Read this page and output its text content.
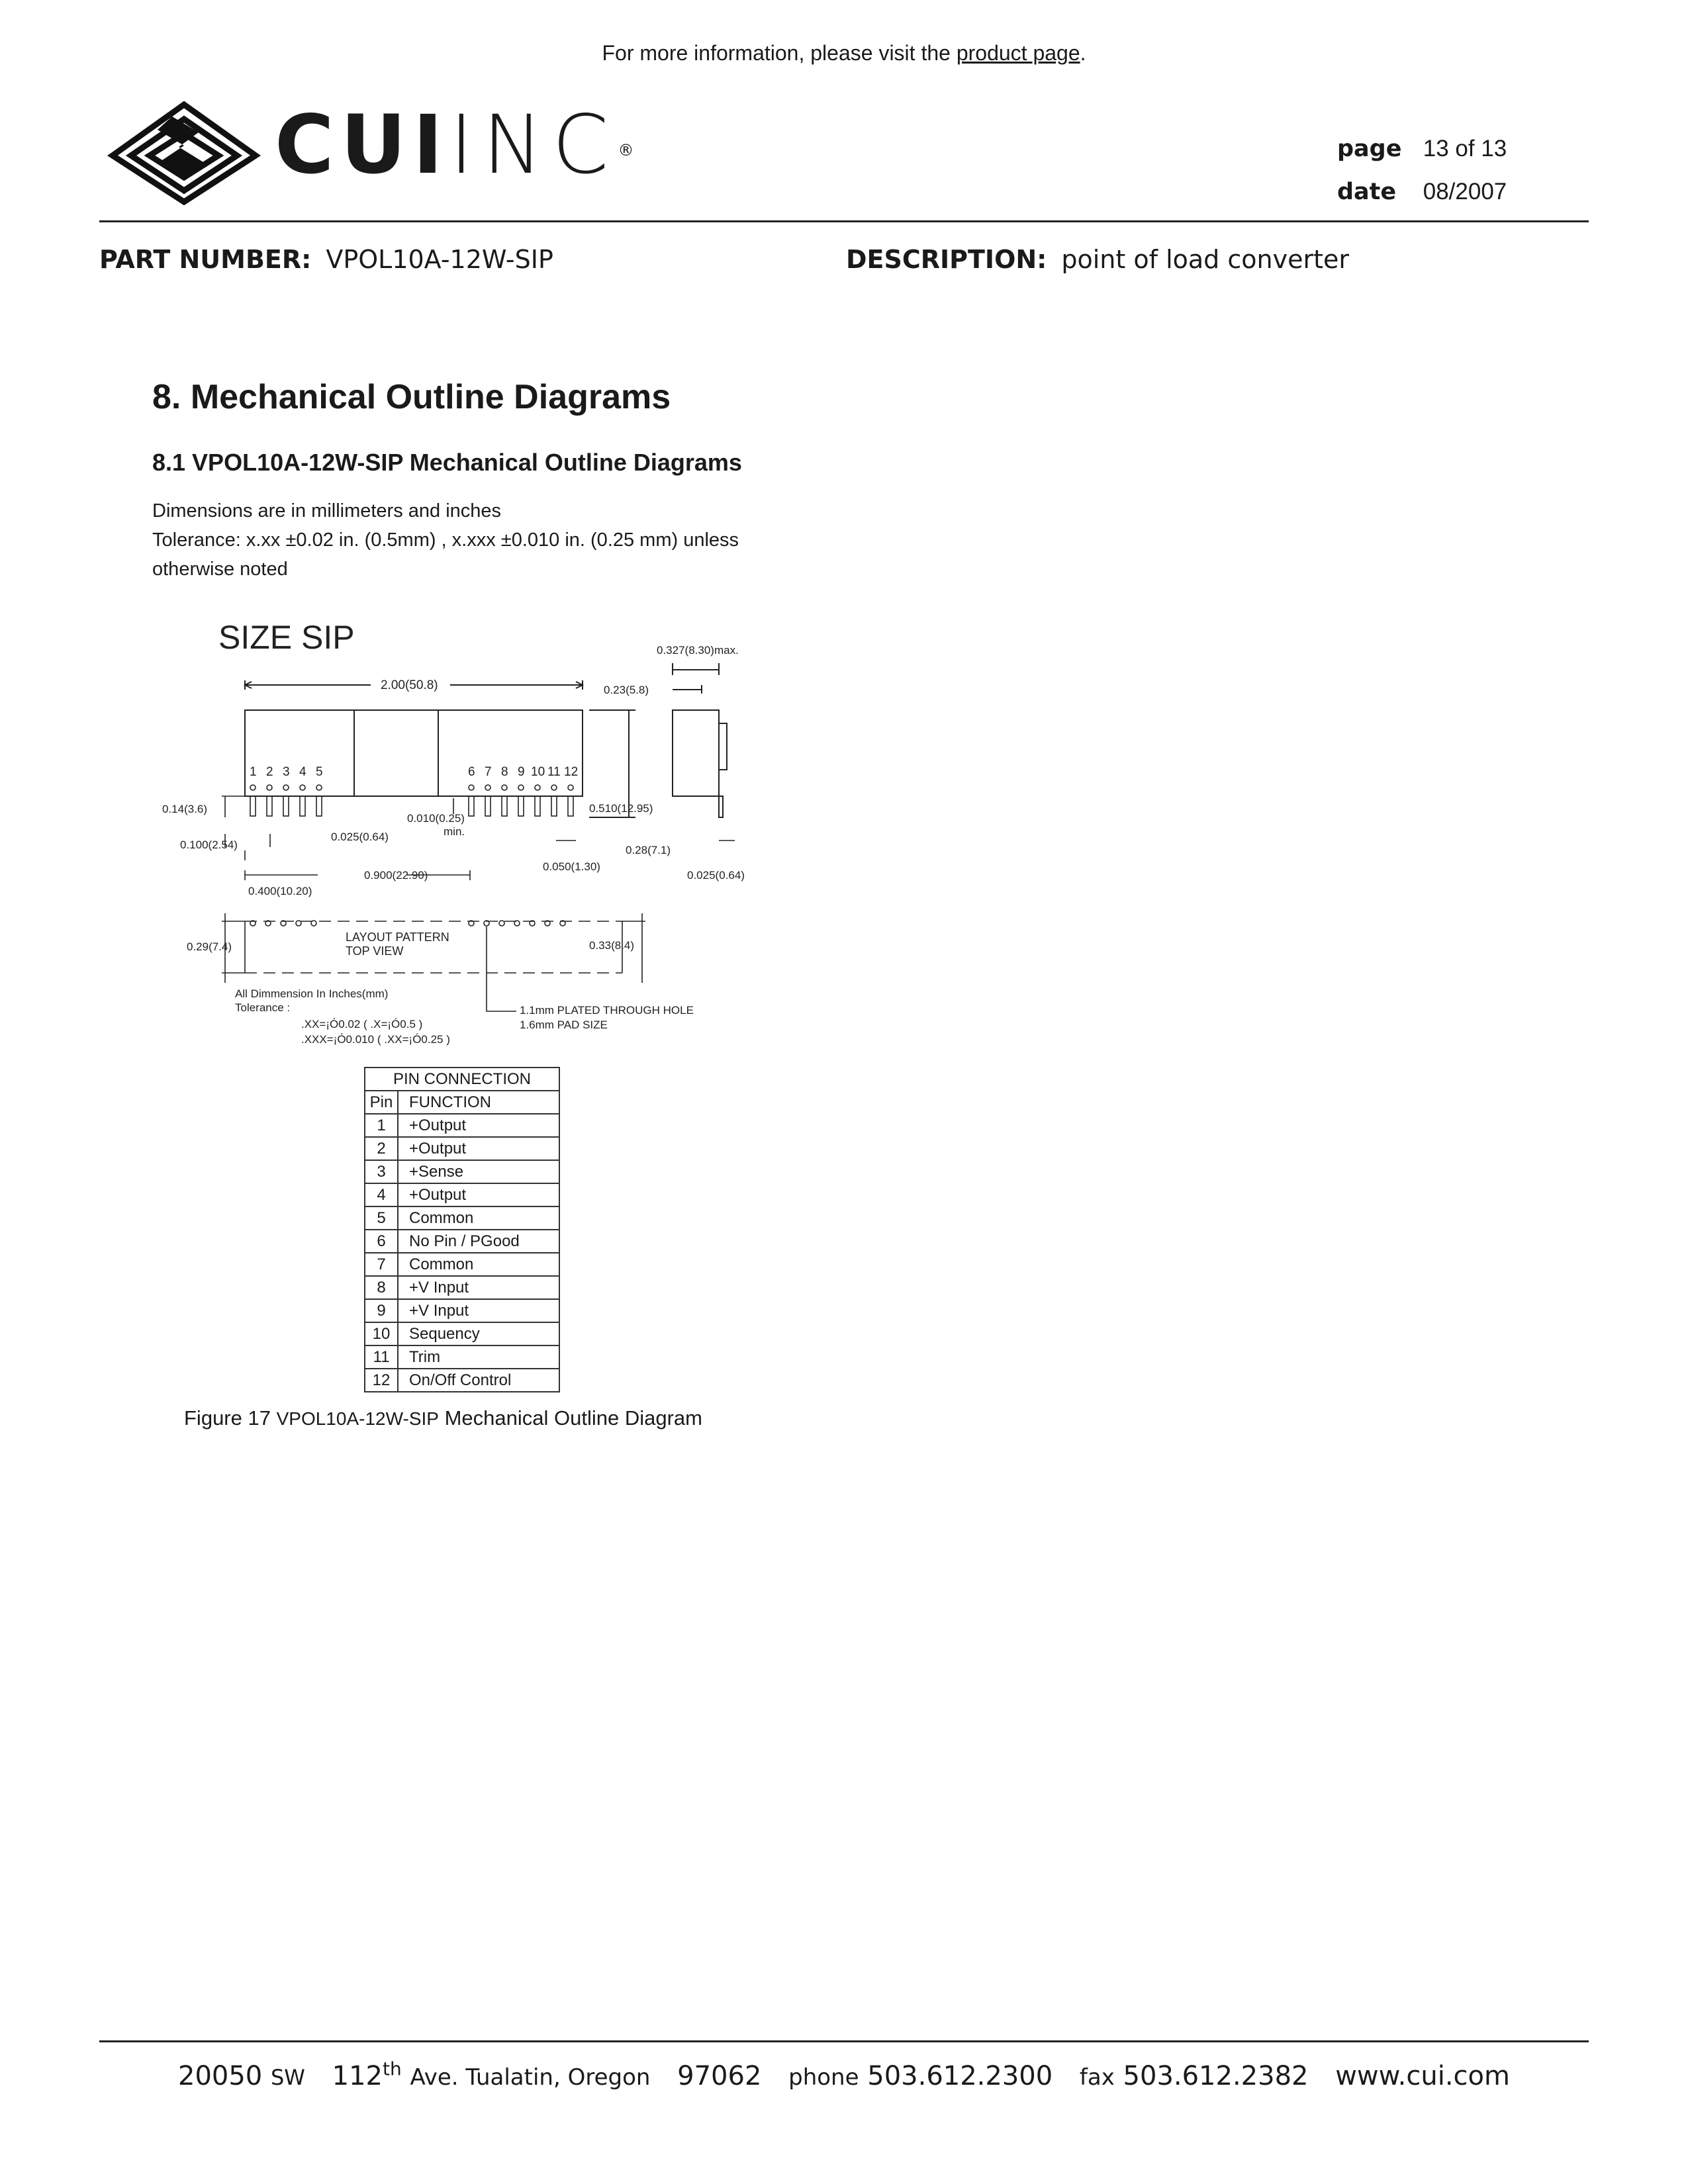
For more information, please visit the product page.
CUIINC®	page 13 of 13
date 08/2007
PART NUMBER: VPOL10A-12W-SIP	DESCRIPTION: point of load converter
8. Mechanical Outline Diagrams
8.1 VPOL10A-12W-SIP Mechanical Outline Diagrams
Dimensions are in millimeters and inches
Tolerance: x.xx ±0.02 in. (0.5mm) , x.xxx ±0.010 in. (0.25 mm) unless
otherwise noted
SIZE SIP
2.00(50.8)
1 2 3 4 5	6 7 8 9 10 11 12
0.327(8.30)max.
0.23(5.8)
0.510(12.95)
0.14(3.6)
0.010(0.25)
min.
0.100(2.54)
0.025(0.64)
0.900(22.90)
0.050(1.30)
0.28(7.1)
0.025(0.64)
0.400(10.20)
0.29(7.4)	0.33(8.4)
LAYOUT PATTERN
TOP VIEW
All Dimmension In Inches(mm)
Tolerance :
.XX=¡Ó0.02 ( .X=¡Ó0.5 )
.XXX=¡Ó0.010 ( .XX=¡Ó0.25 )
1.1mm PLATED THROUGH HOLE
1.6mm PAD SIZE
PIN CONNECTION	
Pin	FUNCTION
1	+Output
2	+Output
3	+Sense
4	+Output
5	Common
6	No Pin / PGood
7	Common
8	+V Input
9	+V Input
10	Sequency
11	Trim
12	On/Off Control
Figure 17 VPOL10A-12W-SIP Mechanical Outline Diagram
20050 SW 112th Ave. Tualatin, Oregon 97062 phone 503.612.2300 fax 503.612.2382 www.cui.com
